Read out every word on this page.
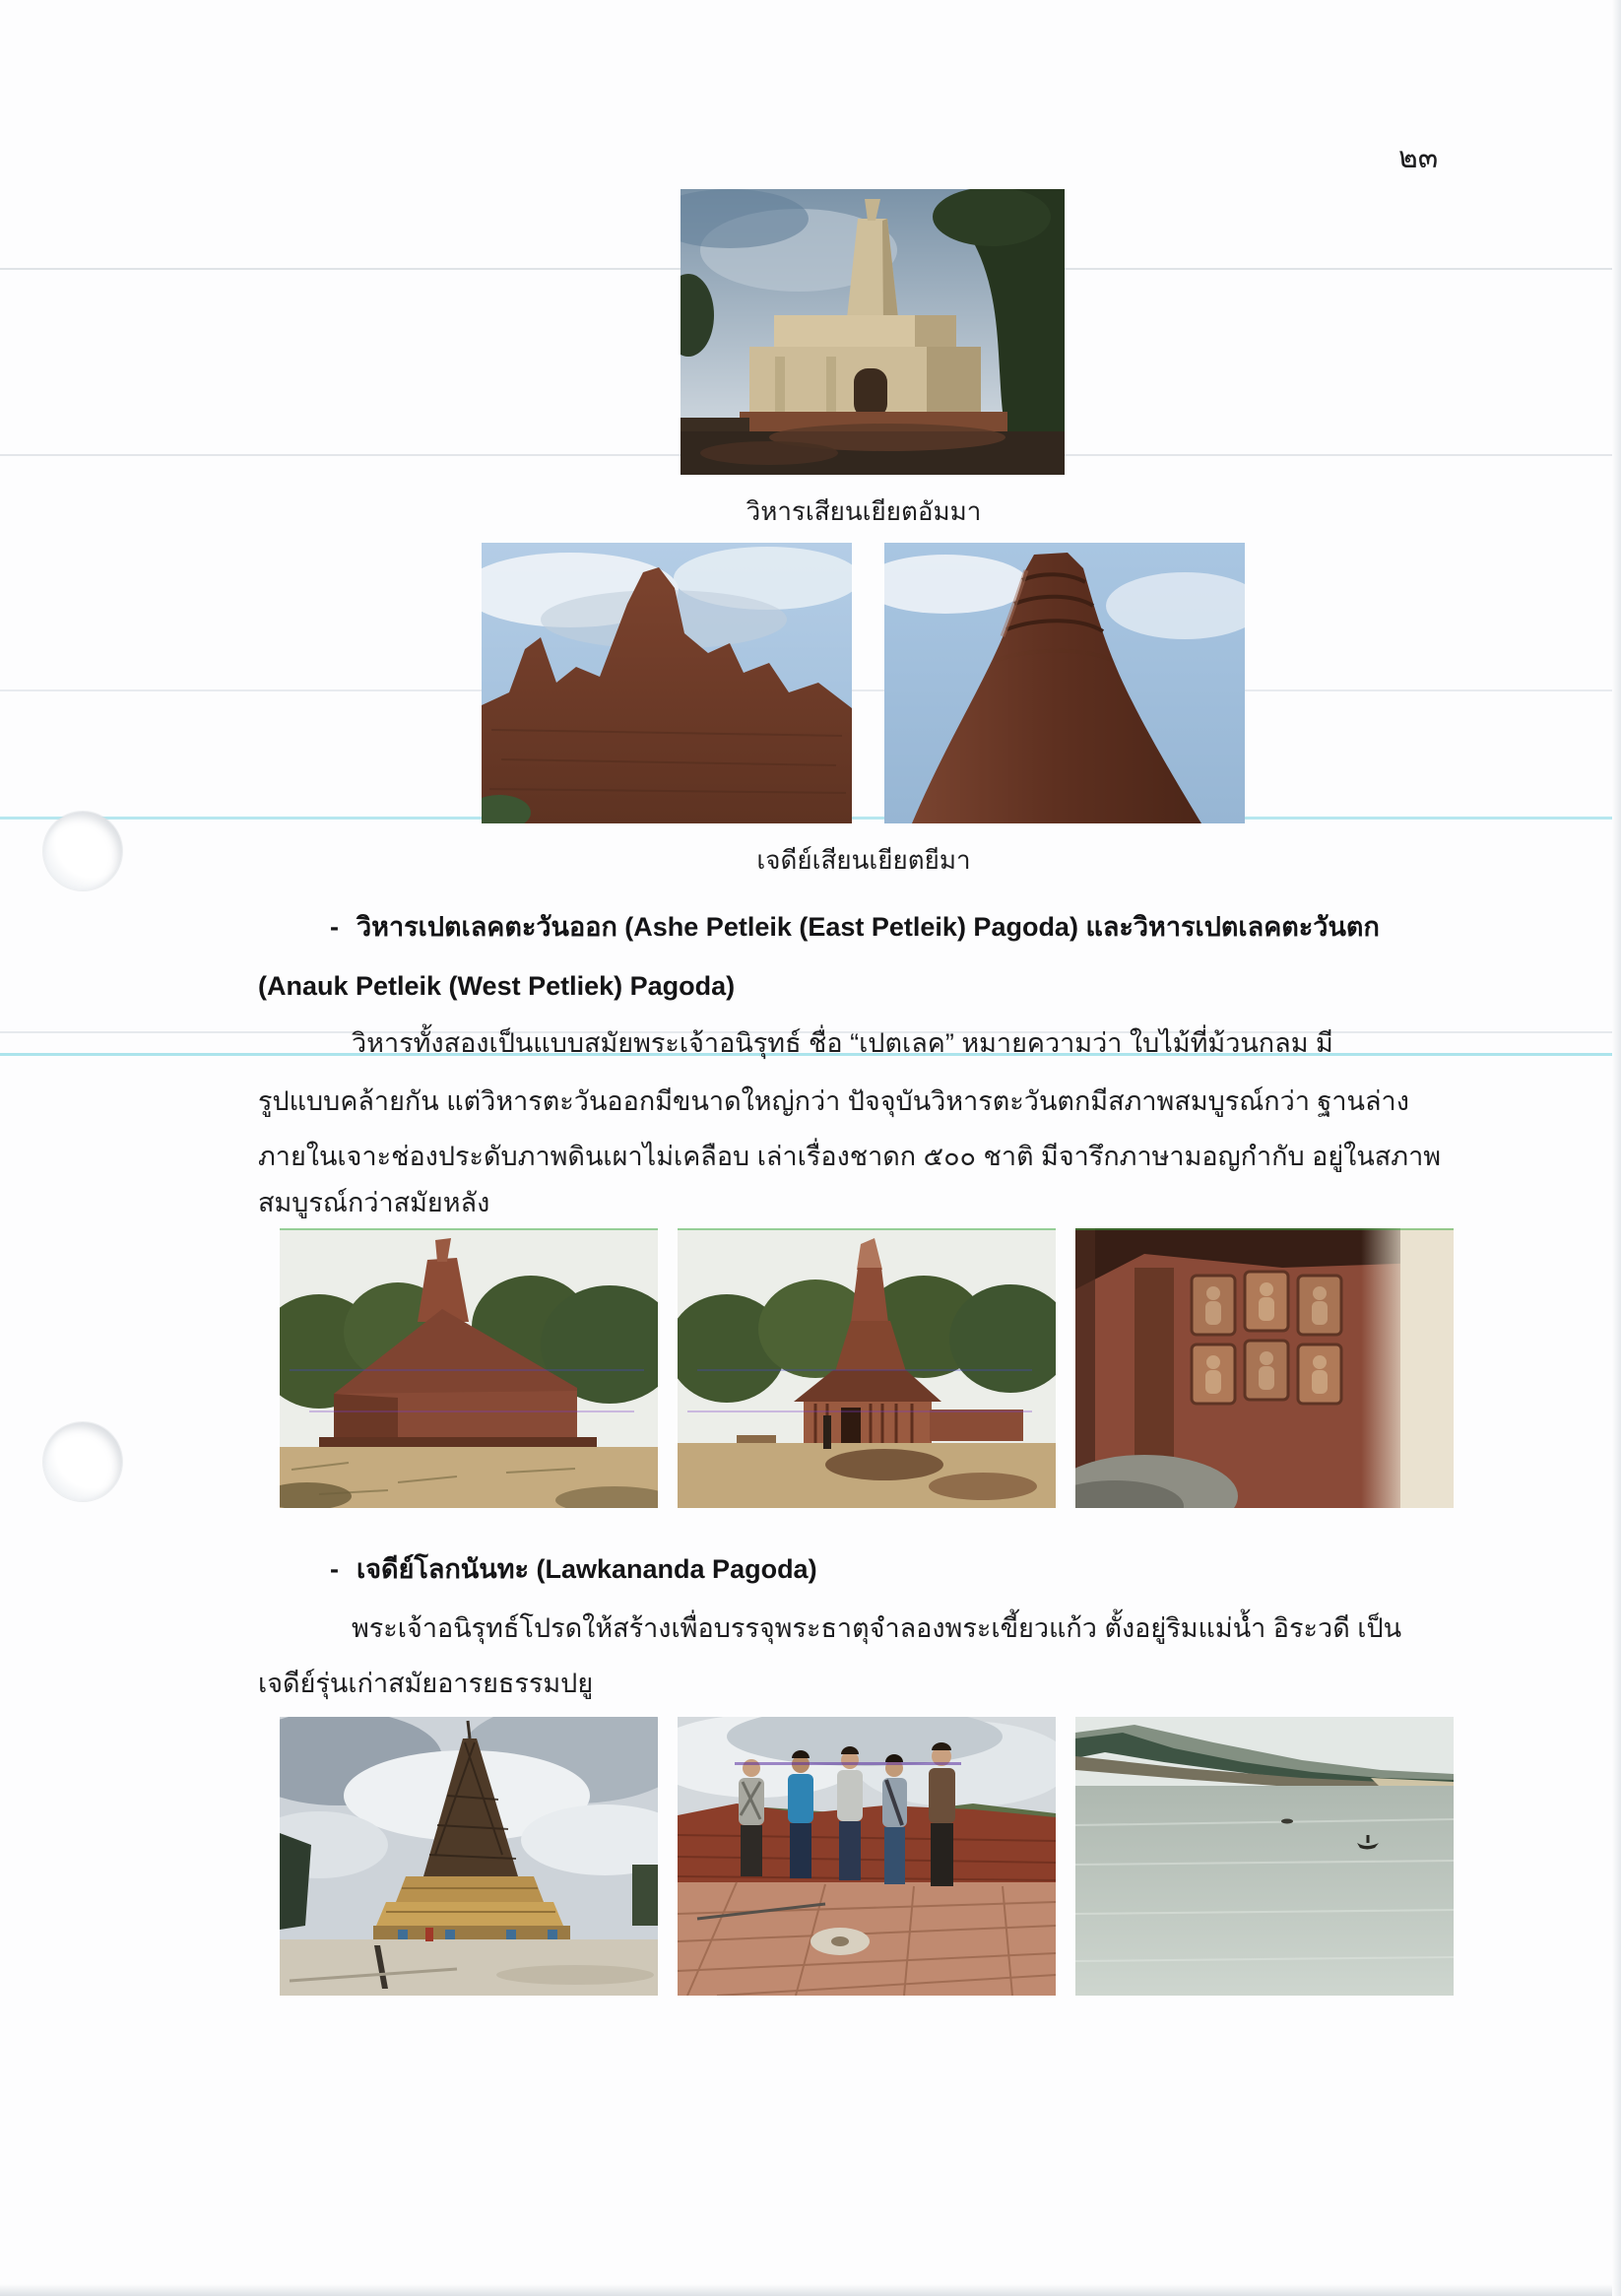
๒๓
วิหารเสียนเยียตอัมมา
เจดีย์เสียนเยียตยีมา
- วิหารเปตเลคตะวันออก (Ashe Petleik (East Petleik) Pagoda) และวิหารเปตเลคตะวันตก
(Anauk Petleik (West Petliek) Pagoda)
วิหารทั้งสองเป็นแบบสมัยพระเจ้าอนิรุทธ์ ชื่อ “เปตเลค” หมายความว่า ใบไม้ที่ม้วนกลม มี
รูปแบบคล้ายกัน แต่วิหารตะวันออกมีขนาดใหญ่กว่า ปัจจุบันวิหารตะวันตกมีสภาพสมบูรณ์กว่า ฐานล่าง
ภายในเจาะช่องประดับภาพดินเผาไม่เคลือบ เล่าเรื่องชาดก ๕๐๐ ชาติ มีจารึกภาษามอญกำกับ อยู่ในสภาพ
สมบูรณ์กว่าสมัยหลัง
- เจดีย์โลกนันทะ (Lawkananda Pagoda)
พระเจ้าอนิรุทธ์โปรดให้สร้างเพื่อบรรจุพระธาตุจำลองพระเขี้ยวแก้ว ตั้งอยู่ริมแม่น้ำ อิระวดี เป็น
เจดีย์รุ่นเก่าสมัยอารยธรรมปยู
